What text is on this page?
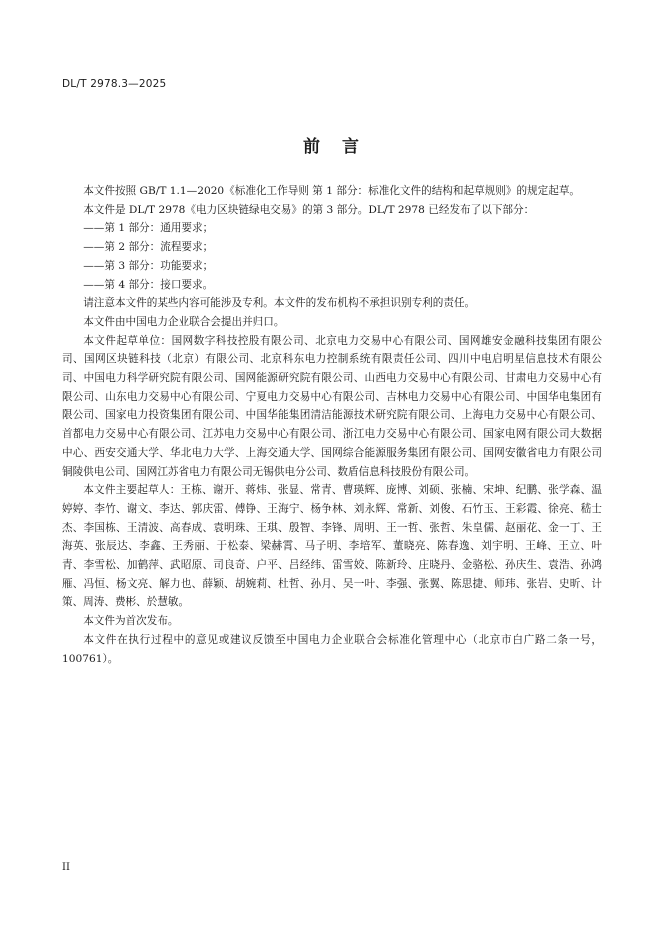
DL/T 2978.3—2025
前言

本文件按照 GB/T 1.1—2020《标准化工作导则 第 1 部分：标准化文件的结构和起草规则》的规定起草。

本文件是 DL/T 2978《电力区块链绿电交易》的第 3 部分。DL/T 2978 已经发布了以下部分：

——第 1 部分：通用要求；

——第 2 部分：流程要求；

——第 3 部分：功能要求；

——第 4 部分：接口要求。

请注意本文件的某些内容可能涉及专利。本文件的发布机构不承担识别专利的责任。

本文件由中国电力企业联合会提出并归口。

本文件起草单位：国网数字科技控股有限公司、北京电力交易中心有限公司、国网雄安金融科技集团有限公司、国网区块链科技（北京）有限公司、北京科东电力控制系统有限责任公司、四川中电启明星信息技术有限公司、中国电力科学研究院有限公司、国网能源研究院有限公司、山西电力交易中心有限公司、甘肃电力交易中心有限公司、山东电力交易中心有限公司、宁夏电力交易中心有限公司、吉林电力交易中心有限公司、中国华电集团有限公司、国家电力投资集团有限公司、中国华能集团清洁能源技术研究院有限公司、上海电力交易中心有限公司、首都电力交易中心有限公司、江苏电力交易中心有限公司、浙江电力交易中心有限公司、国家电网有限公司大数据中心、西安交通大学、华北电力大学、上海交通大学、国网综合能源服务集团有限公司、国网安徽省电力有限公司铜陵供电公司、国网江苏省电力有限公司无锡供电分公司、数盾信息科技股份有限公司。

本文件主要起草人：王栋、谢开、蒋炜、张显、常青、曹瑛辉、庞博、刘硕、张楠、宋坤、纪鹏、张学森、温婷婷、李竹、谢文、李达、郭庆雷、傅铮、王海宁、杨争林、刘永辉、常新、刘俊、石竹玉、王彩霞、徐亮、嵇士杰、李国栋、王清波、高春成、袁明珠、王琪、殷智、李锋、周明、王一哲、张哲、朱皇儒、赵丽花、金一丁、王海英、张辰达、李鑫、王秀丽、于松泰、梁赫霄、马子明、李培军、董晓亮、陈春逸、刘宇明、王峰、王立、叶青、李雪松、加鹤萍、武昭原、司良奇、户平、吕经纬、雷雪姣、陈新玲、庄晓丹、金骆松、孙庆生、袁浩、孙鸿雁、冯恒、杨文亮、解力也、薛颖、胡婉莉、杜哲、孙月、吴一叶、李强、张翼、陈思捷、师玮、张岩、史昕、计策、周涛、费彬、於慧敏。

本文件为首次发布。

本文件在执行过程中的意见或建议反馈至中国电力企业联合会标准化管理中心（北京市白广路二条一号，100761）。

II
